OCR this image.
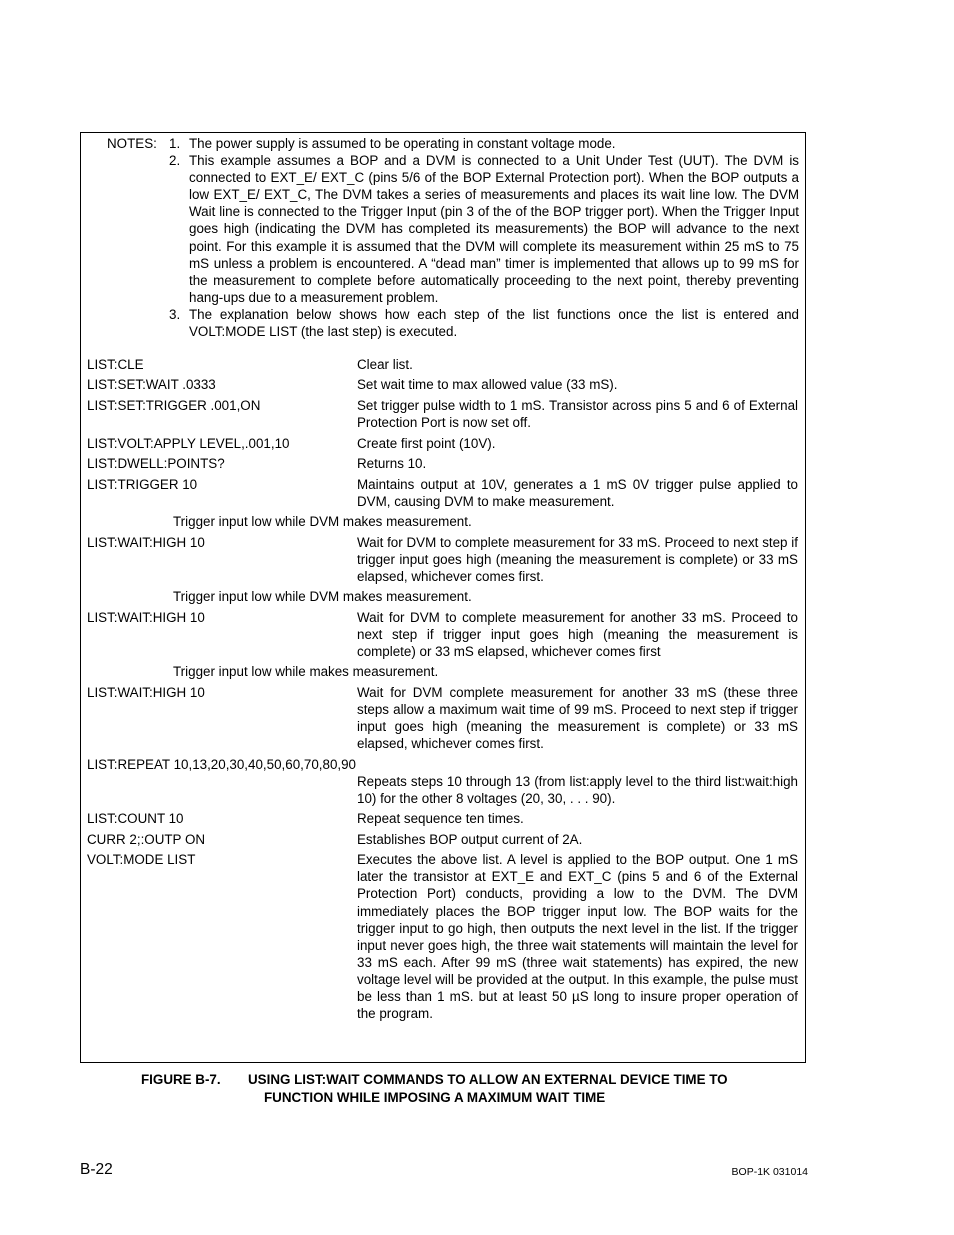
NOTES: 1. The power supply is assumed to be operating in constant voltage mode.
2. This example assumes a BOP and a DVM is connected to a Unit Under Test (UUT). The DVM is connected to EXT_E/ EXT_C (pins 5/6 of the BOP External Protection port). When the BOP outputs a low EXT_E/ EXT_C, The DVM takes a series of measurements and places its wait line low. The DVM Wait line is connected to the Trigger Input (pin 3 of the of the BOP trigger port). When the Trigger Input goes high (indicating the DVM has completed its measurements) the BOP will advance to the next point. For this example it is assumed that the DVM will complete its measurement within 25 mS to 75 mS unless a problem is encountered. A “dead man” timer is implemented that allows up to 99 mS for the measurement to complete before automatically proceeding to the next point, thereby preventing hang-ups due to a measurement problem.
3. The explanation below shows how each step of the list functions once the list is entered and VOLT:MODE LIST (the last step) is executed.
LIST:CLE	Clear list.
LIST:SET:WAIT .0333	Set wait time to max allowed value (33 mS).
LIST:SET:TRIGGER .001,ON	Set trigger pulse width to 1 mS. Transistor across pins 5 and 6 of External Protection Port is now set off.
LIST:VOLT:APPLY LEVEL,.001,10	Create first point (10V).
LIST:DWELL:POINTS?	Returns 10.
LIST:TRIGGER 10	Maintains output at 10V, generates a 1 mS 0V trigger pulse applied to DVM, causing DVM to make measurement.
Trigger input low while DVM makes measurement.
LIST:WAIT:HIGH 10	Wait for DVM to complete measurement for 33 mS. Proceed to next step if trigger input goes high (meaning the measurement is complete) or 33 mS elapsed, whichever comes first.
Trigger input low while DVM makes measurement.
LIST:WAIT:HIGH 10	Wait for DVM to complete measurement for another 33 mS. Proceed to next step if trigger input goes high (meaning the measurement is complete) or 33 mS elapsed, whichever comes first
Trigger input low while makes measurement.
LIST:WAIT:HIGH 10	Wait for DVM complete measurement for another 33 mS (these three steps allow a maximum wait time of 99 mS. Proceed to next step if trigger input goes high (meaning the measurement is complete) or 33 mS elapsed, whichever comes first.
LIST:REPEAT 10,13,20,30,40,50,60,70,80,90
Repeats steps 10 through 13 (from list:apply level to the third list:wait:high 10) for the other 8 voltages (20, 30, . . . 90).
LIST:COUNT 10	Repeat sequence ten times.
CURR 2;:OUTP ON	Establishes BOP output current of 2A.
VOLT:MODE LIST	Executes the above list. A level is applied to the BOP output. One 1 mS later the transistor at EXT_E and EXT_C (pins 5 and 6 of the External Protection Port) conducts, providing a low to the DVM. The DVM immediately places the BOP trigger input low. The BOP waits for the trigger input to go high, then outputs the next level in the list. If the trigger input never goes high, the three wait statements will maintain the level for 33 mS each. After 99 mS (three wait statements) has expired, the new voltage level will be provided at the output. In this example, the pulse must be less than 1 mS. but at least 50 µS long to insure proper operation of the program.
FIGURE B-7. USING LIST:WAIT COMMANDS TO ALLOW AN EXTERNAL DEVICE TIME TO
FUNCTION WHILE IMPOSING A MAXIMUM WAIT TIME
B-22	BOP-1K 031014
